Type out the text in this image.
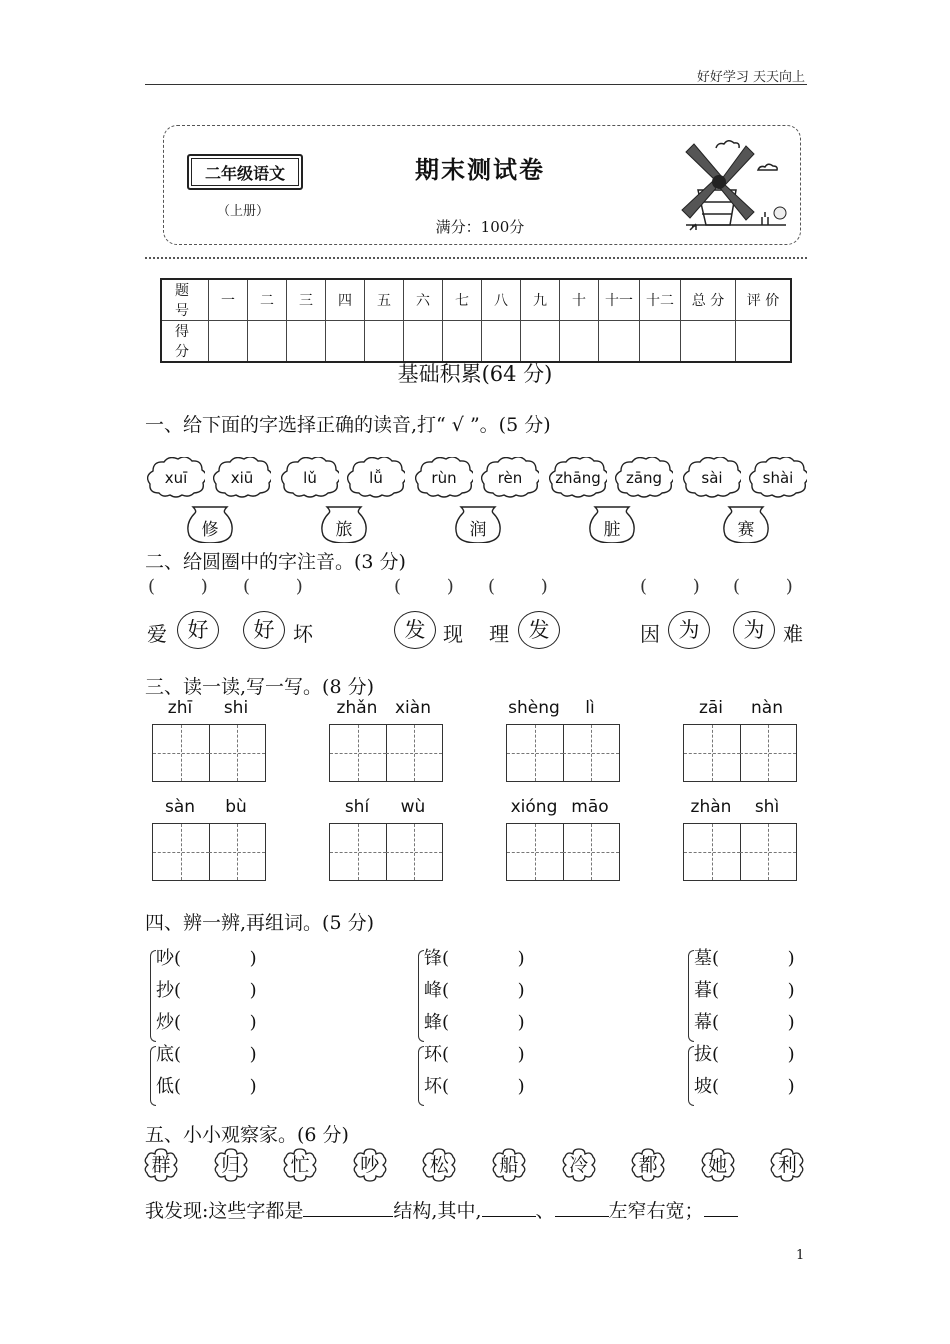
好好学习 天天向上
二年级语文
（上册）
期末测试卷
满分：100分
题 号	一	二	三	四	五	六	七	八	九	十	十一	十二	总 分	评 价
得 分														
基础积累(64 分)
一、给下面的字选择正确的读音,打“ √ ”。(5 分)
xuī	xiū
修
lǔ	lǚ
旅
rùn	rèn
润
zhāng	zāng
脏
sài	shài
赛
二、给圆圈中的字注音。(3 分)
(        ) (        )	(        ) (        )	(        ) (        )
爱 好	好 坏	发 现 理 发	因 为	为 难
三、读一读,写一写。(8 分)
zhī	shi	zhǎn	xiàn	shèng	lì	zāi	nàn
sàn	bù	shí	wù	xióng māo	zhàn	shì
四、辨一辨,再组词。(5 分)
吵(            )
抄(            )
炒(            )
锋(            )
峰(            )
蜂(            )
墓(            )
暮(            )
幕(            )
底(            )
低(            )
环(            )
坏(            )
拔(            )
坡(            )
五、小小观察家。(6 分)
群	归	忙	吵	松	船	冷	都	她	利
我发现:这些字都是	结构,其中,	、	左窄右宽；
1
